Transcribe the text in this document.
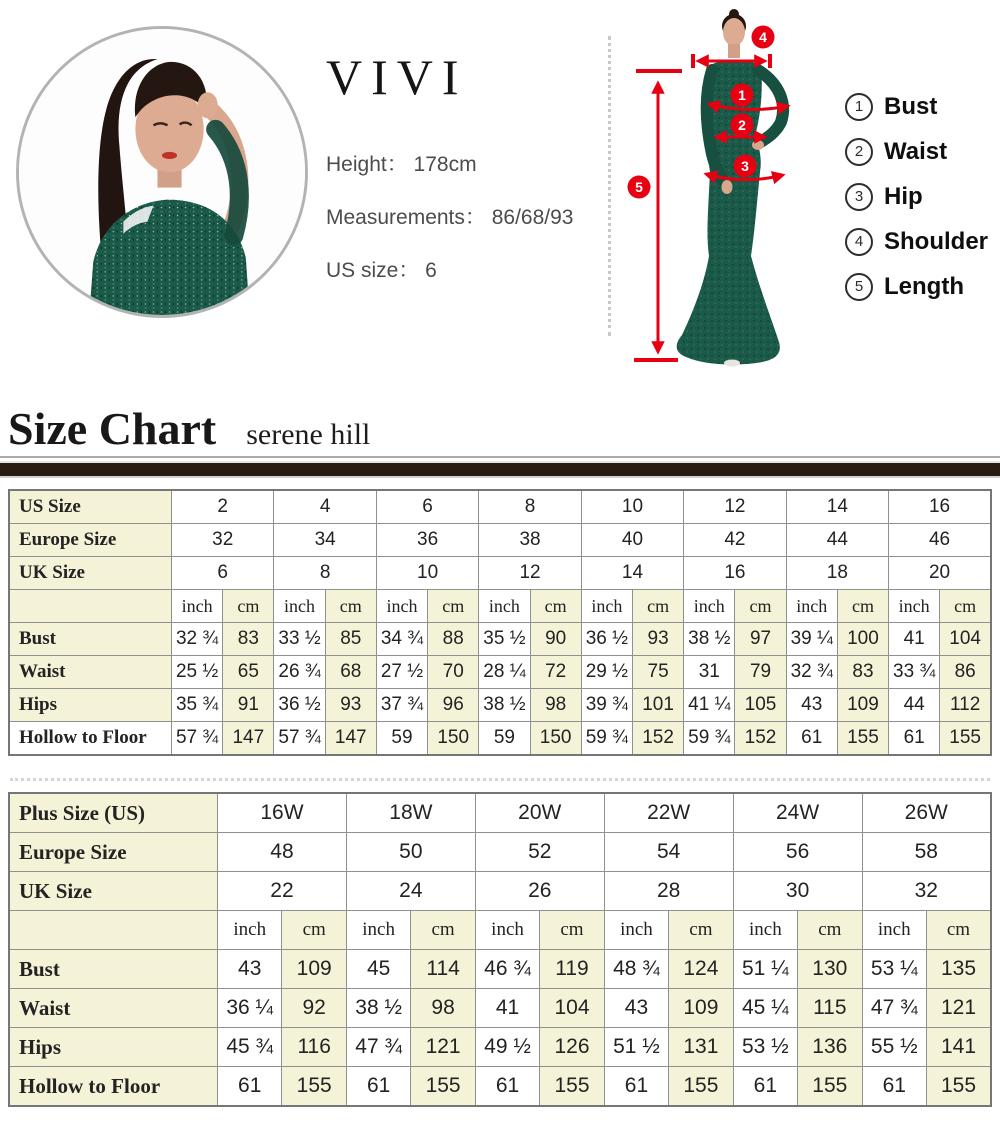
VIVI
Height： 178cm
Measurements： 86/68/93
US size： 6
4
1
2
3
5
1 Bust
2 Waist
3 Hip
4 Shoulder
5 Length
Size Chart serene hill
US Size	2		4		6		8		10		12		14		16	
Europe Size	32		34		36		38		40		42		44		46	
UK Size	6		8		10		12		14		16		18		20	
	inch	cm	inch	cm	inch	cm	inch	cm	inch	cm	inch	cm	inch	cm	inch	cm
Bust	32 ¾	83	33 ½	85	34 ¾	88	35 ½	90	36 ½	93	38 ½	97	39 ¼	100	41	104
Waist	25 ½	65	26 ¾	68	27 ½	70	28 ¼	72	29 ½	75	31	79	32 ¾	83	33 ¾	86
Hips	35 ¾	91	36 ½	93	37 ¾	96	38 ½	98	39 ¾	101	41 ¼	105	43	109	44	112
Hollow to Floor	57 ¾	147	57 ¾	147	59	150	59	150	59 ¾	152	59 ¾	152	61	155	61	155
Plus Size (US)	16W		18W		20W		22W		24W		26W	
Europe Size	48		50		52		54		56		58	
UK Size	22		24		26		28		30		32	
	inch	cm	inch	cm	inch	cm	inch	cm	inch	cm	inch	cm
Bust	43	109	45	114	46 ¾	119	48 ¾	124	51 ¼	130	53 ¼	135
Waist	36 ¼	92	38 ½	98	41	104	43	109	45 ¼	115	47 ¾	121
Hips	45 ¾	116	47 ¾	121	49 ½	126	51 ½	131	53 ½	136	55 ½	141
Hollow to Floor	61	155	61	155	61	155	61	155	61	155	61	155
